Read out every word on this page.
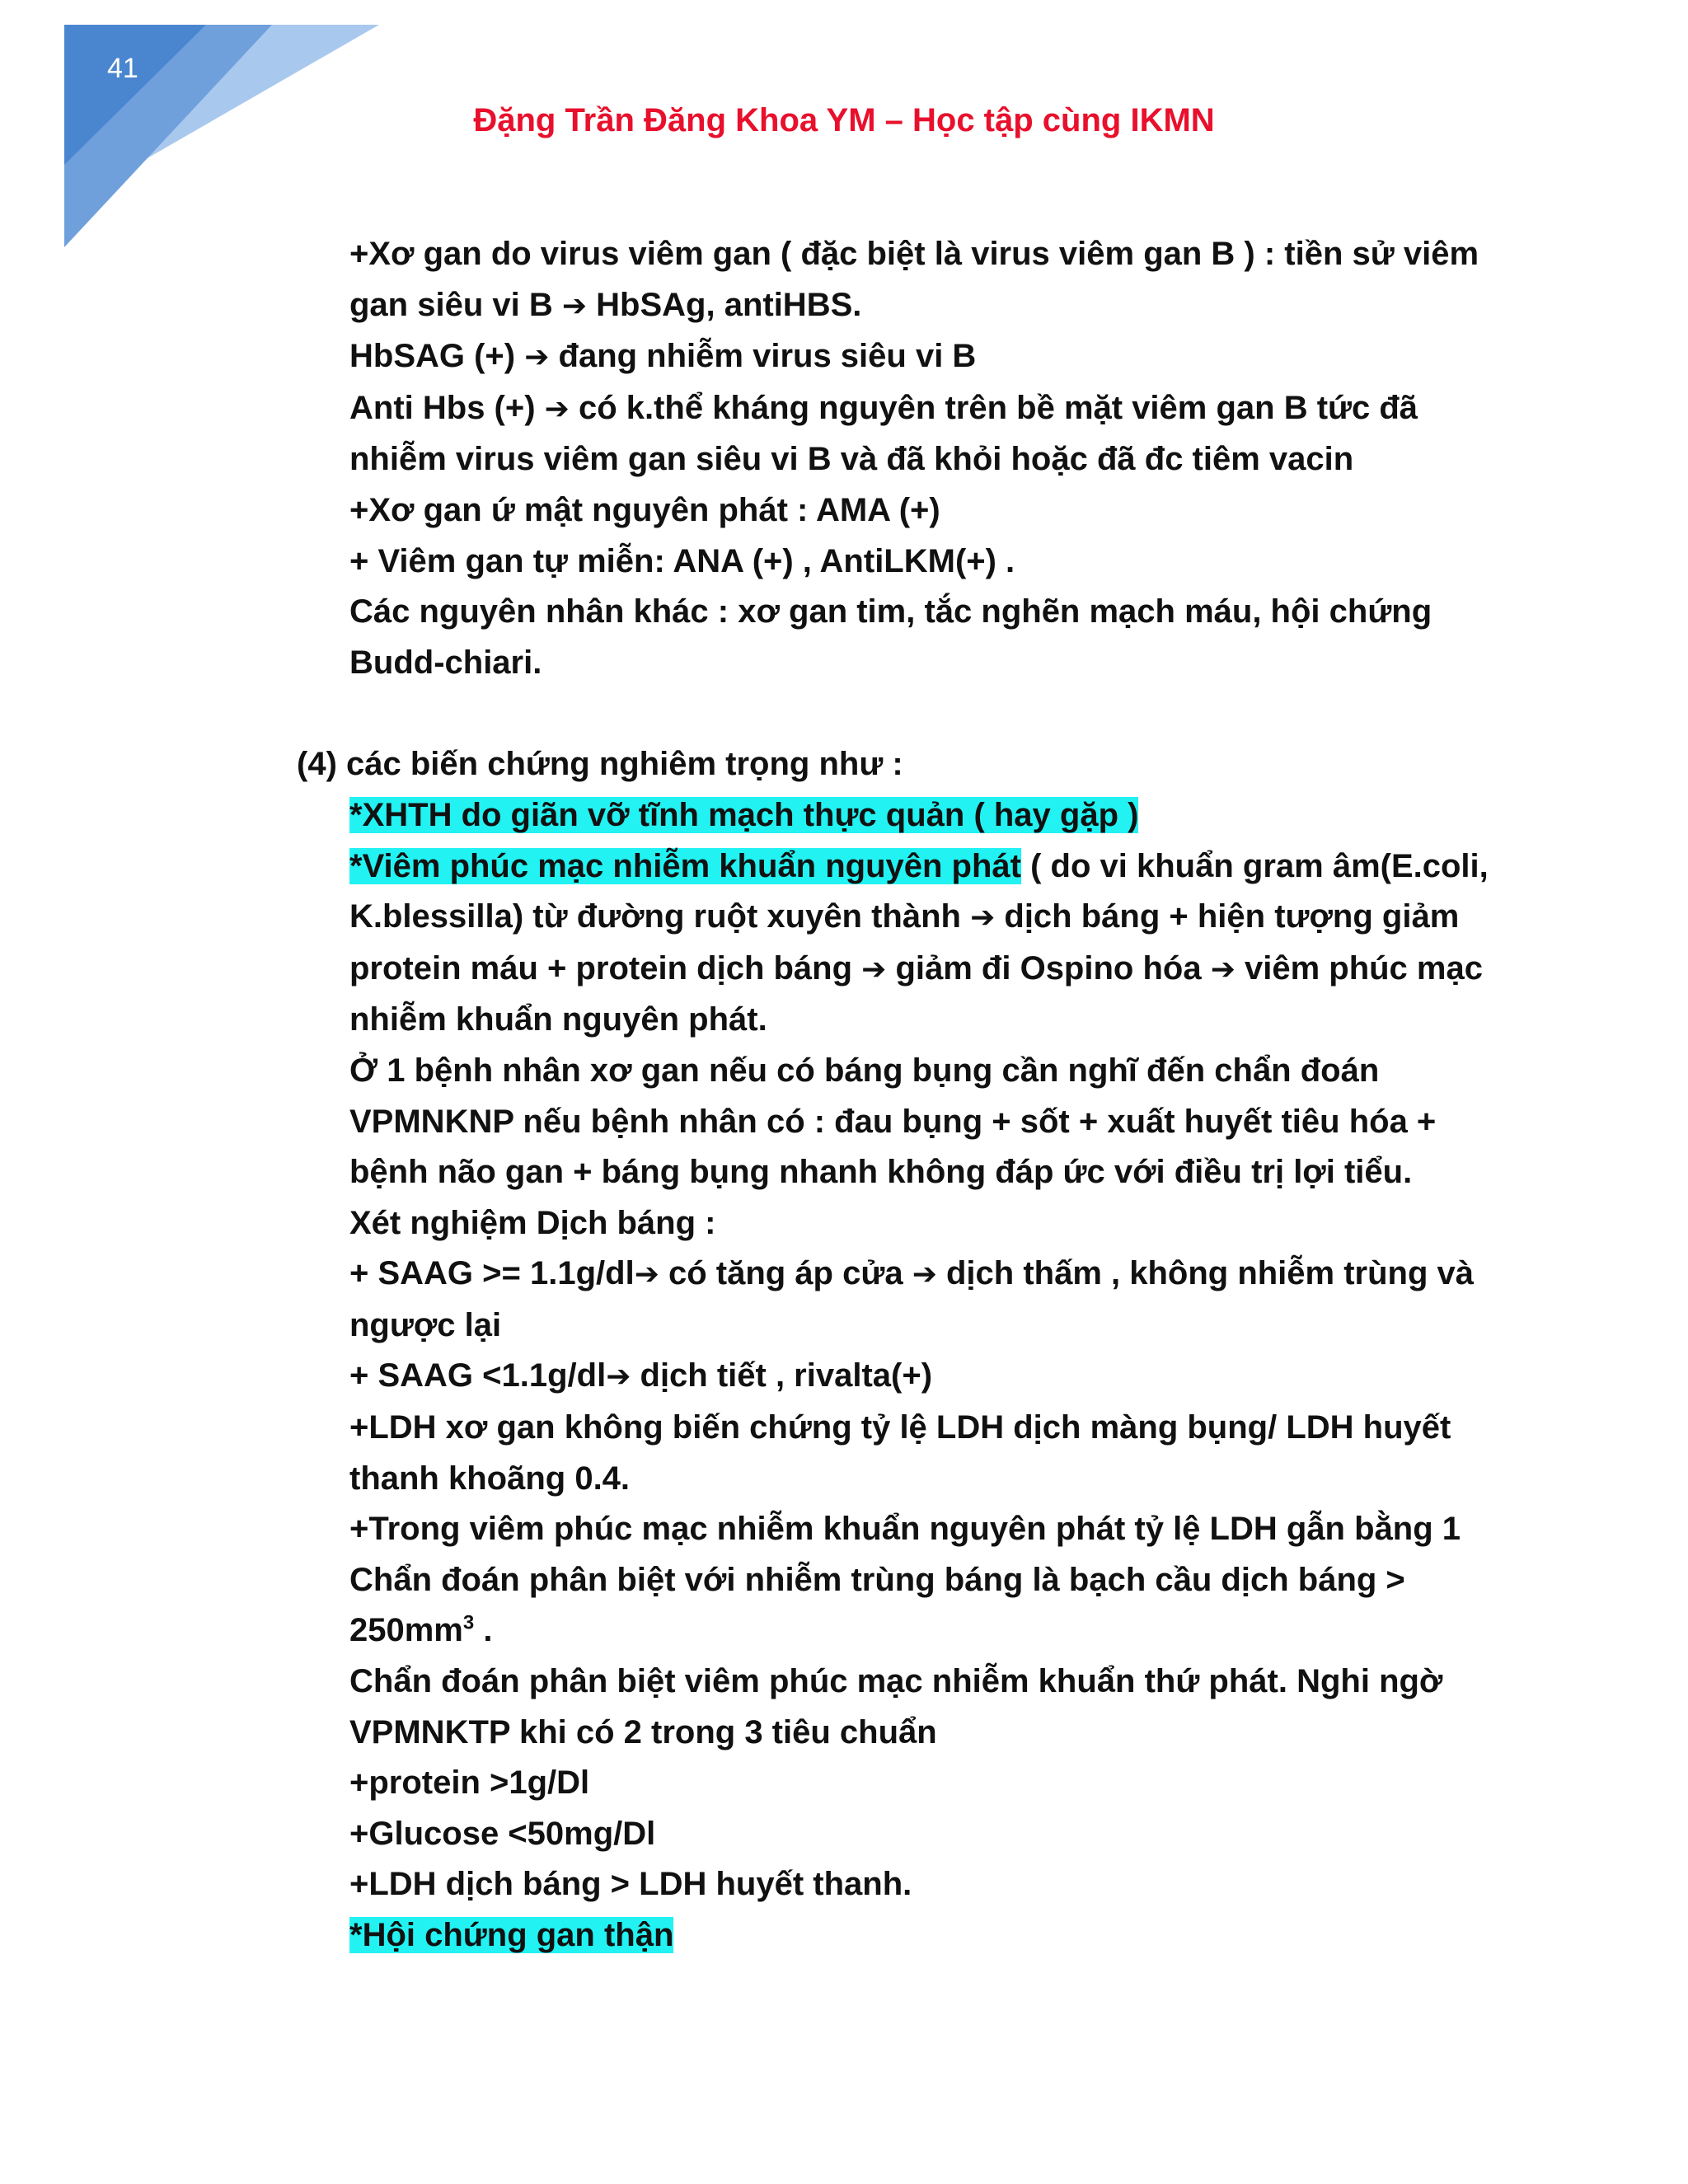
41
Đặng Trần Đăng Khoa YM – Học tập cùng IKMN
+Xơ gan do virus viêm gan ( đặc biệt là virus viêm gan B ) : tiền sử viêm gan siêu vi B ➔ HbSAg, antiHBS.
HbSAG (+) ➔ đang nhiễm virus siêu vi B
Anti Hbs (+) ➔ có k.thể kháng nguyên trên bề mặt viêm gan B tức đã nhiễm virus viêm gan siêu vi B và đã khỏi hoặc đã đc tiêm vacin
+Xơ gan ứ mật nguyên phát : AMA (+)
+ Viêm gan tự miễn: ANA (+) , AntiLKM(+) .
Các nguyên nhân khác : xơ gan tim, tắc nghẽn mạch máu, hội chứng Budd-chiari.
(4) các biến chứng nghiêm trọng như :
*XHTH do giãn vỡ tĩnh mạch thực quản ( hay gặp )
*Viêm phúc mạc nhiễm khuẩn nguyên phát ( do vi khuẩn gram âm(E.coli, K.blessilla) từ đường ruột xuyên thành ➔ dịch báng + hiện tượng giảm protein máu + protein dịch báng ➔ giảm đi Ospino hóa ➔ viêm phúc mạc nhiễm khuẩn nguyên phát.
Ở 1 bệnh nhân xơ gan nếu có báng bụng cần nghĩ đến chẩn đoán VPMNKNP nếu bệnh nhân có : đau bụng + sốt + xuất huyết tiêu hóa + bệnh não gan + báng bụng nhanh không đáp ức với điều trị lợi tiểu.
Xét nghiệm Dịch báng :
+ SAAG >= 1.1g/dl➔ có tăng áp cửa ➔ dịch thấm , không nhiễm trùng và ngược lại
+ SAAG <1.1g/dl➔ dịch tiết , rivalta(+)
+LDH xơ gan không biến chứng tỷ lệ LDH dịch màng bụng/ LDH huyết thanh khoãng 0.4.
+Trong viêm phúc mạc nhiễm khuẩn nguyên phát tỷ lệ LDH gẫn bằng 1
Chẩn đoán phân biệt với nhiễm trùng báng là bạch cầu dịch báng > $250mm^3$ .
Chẩn đoán phân biệt viêm phúc mạc nhiễm khuẩn thứ phát. Nghi ngờ VPMNKTP khi có 2 trong 3 tiêu chuẩn
+protein >1g/Dl
+Glucose <50mg/Dl
+LDH dịch báng > LDH huyết thanh.
*Hội chứng gan thận
